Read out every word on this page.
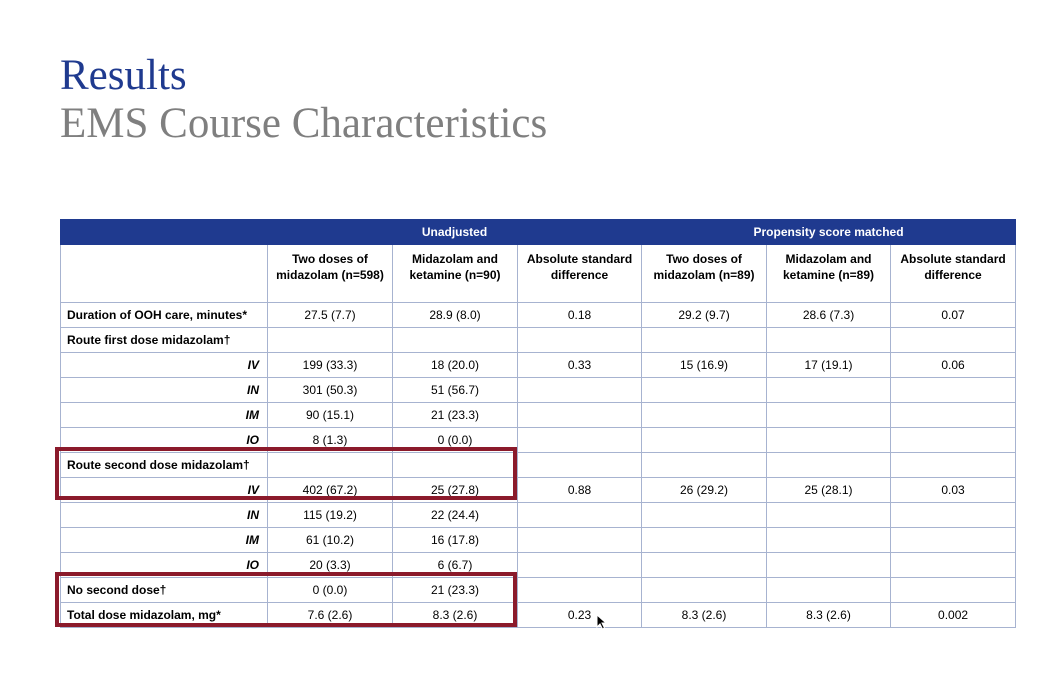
Results
EMS Course Characteristics
	Unadjusted			Propensity score matched		
	Two doses of midazolam (n=598)	Midazolam and ketamine (n=90)	Absolute standard difference	Two doses of midazolam (n=89)	Midazolam and ketamine (n=89)	Absolute standard difference
Duration of OOH care, minutes*	27.5 (7.7)	28.9 (8.0)	0.18	29.2 (9.7)	28.6 (7.3)	0.07
Route first dose midazolam†						
IV	199 (33.3)	18 (20.0)	0.33	15 (16.9)	17 (19.1)	0.06
IN	301 (50.3)	51 (56.7)				
IM	90 (15.1)	21 (23.3)				
IO	8 (1.3)	0 (0.0)				
Route second dose midazolam†						
IV	402 (67.2)	25 (27.8)	0.88	26 (29.2)	25 (28.1)	0.03
IN	115 (19.2)	22 (24.4)				
IM	61 (10.2)	16 (17.8)				
IO	20 (3.3)	6 (6.7)				
No second dose†	0 (0.0)	21 (23.3)				
Total dose midazolam, mg*	7.6 (2.6)	8.3 (2.6)	0.23	8.3 (2.6)	8.3 (2.6)	0.002
